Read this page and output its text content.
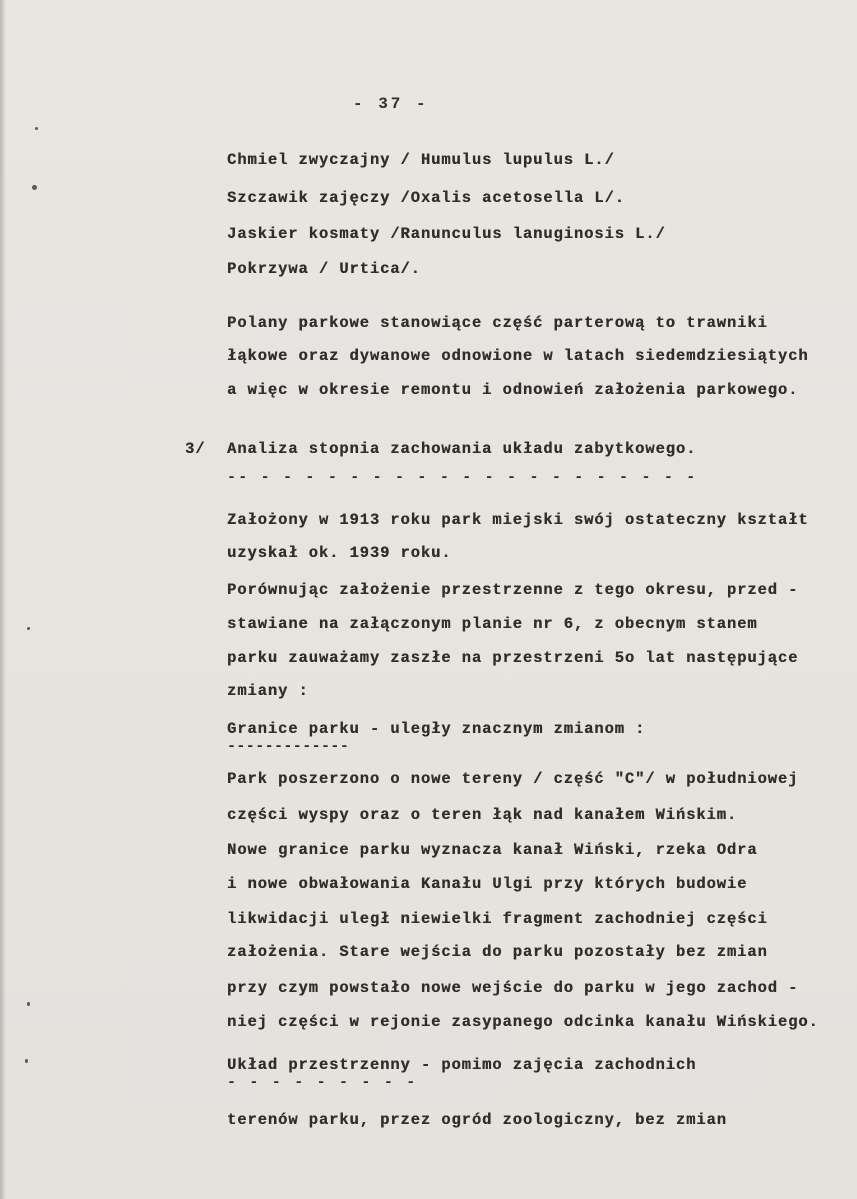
- 37 -
Chmiel zwyczajny / Humulus lupulus L./
Szczawik zajęczy /Oxalis acetosella L/.
Jaskier kosmaty /Ranunculus lanuginosis L./
Pokrzywa / Urtica/.
Polany parkowe stanowiące część parterową to trawniki
łąkowe oraz dywanowe odnowione w latach siedemdziesiątych
a więc w okresie remontu i odnowień założenia parkowego.
3/ Analiza stopnia zachowania układu zabytkowego.
-- - - - - - - - - - - - - - - - - - - - -
Założony w 1913 roku park miejski swój ostateczny kształt
uzyskał ok. 1939 roku.
Porównując założenie przestrzenne z tego okresu, przed -
stawiane na załączonym planie nr 6, z obecnym stanem
parku zauważamy zaszłe na przestrzeni 5o lat następujące
zmiany :
Granice parku - uległy znacznym zmianom :
-------------
Park poszerzono o nowe tereny / część "C"/ w południowej
części wyspy oraz o teren łąk nad kanałem Wińskim.
Nowe granice parku wyznacza kanał Wiński, rzeka Odra
i nowe obwałowania Kanału Ulgi przy których budowie
likwidacji uległ niewielki fragment zachodniej części
założenia. Stare wejścia do parku pozostały bez zmian
przy czym powstało nowe wejście do parku w jego zachod -
niej części w rejonie zasypanego odcinka kanału Wińskiego.
Układ przestrzenny - pomimo zajęcia zachodnich
- - - - - - - - -
terenów parku, przez ogród zoologiczny, bez zmian
